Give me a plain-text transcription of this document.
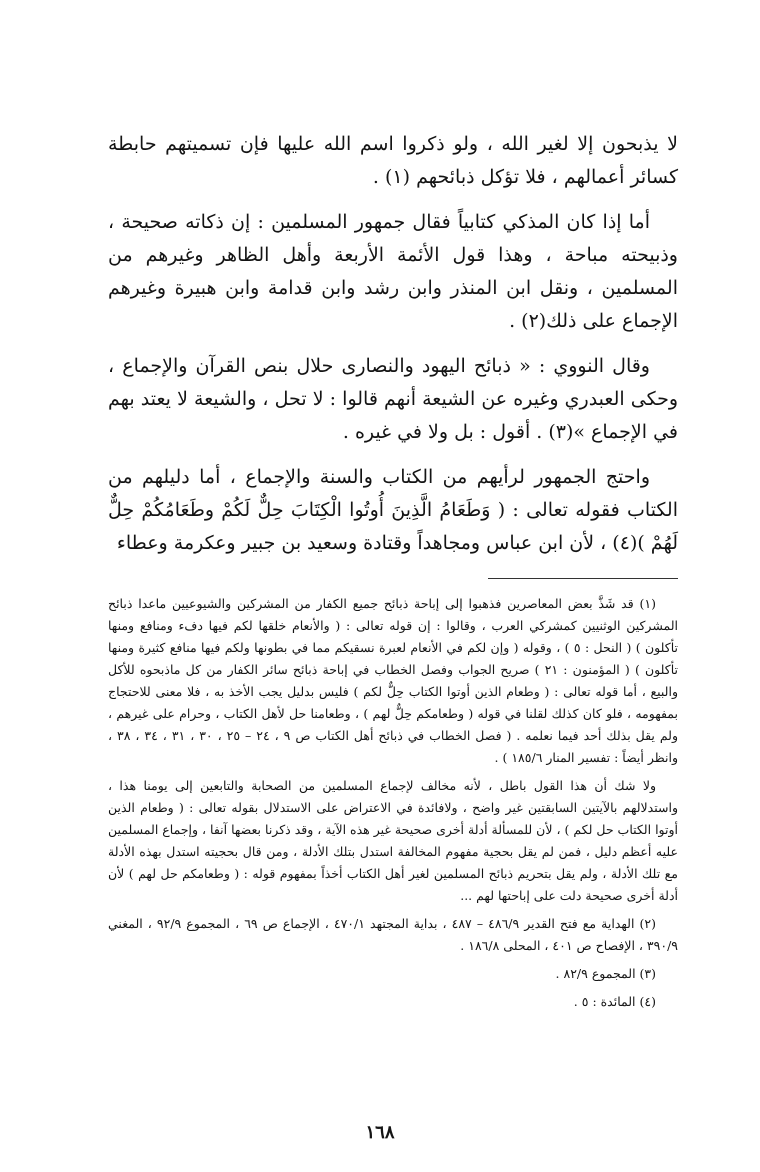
لا يذبحون إلا لغير الله ، ولو ذكروا اسم الله عليها فإن تسميتهم حابطة كسائر أعمالهم ، فلا تؤكل ذبائحهم (١) .

أما إذا كان المذكي كتابياً فقال جمهور المسلمين : إن ذكاته صحيحة ، وذبيحته مباحة ، وهذا قول الأئمة الأربعة وأهل الظاهر وغيرهم من المسلمين ، ونقل ابن المنذر وابن رشد وابن قدامة وابن هبيرة وغيرهم الإجماع على ذلك(٢) .

وقال النووي : « ذبائح اليهود والنصارى حلال بنص القرآن والإجماع ، وحكى العبدري وغيره عن الشيعة أنهم قالوا : لا تحل ، والشيعة لا يعتد بهم في الإجماع »(٣) . أقول : بل ولا في غيره .

واحتج الجمهور لرأيهم من الكتاب والسنة والإجماع ، أما دليلهم من الكتاب فقوله تعالى : ( وَطَعَامُ الَّذِينَ أُوتُوا الْكِتَابَ حِلٌّ لَكُمْ وطَعَامُكُمْ حِلٌّ لَهُمْ )(٤) ، لأن ابن عباس ومجاهداً وقتادة وسعيد بن جبير وعكرمة وعطاء

(١) قد شَذَّ بعض المعاصرين فذهبوا إلى إباحة ذبائح جميع الكفار من المشركين والشيوعيين ماعدا ذبائح المشركين الوثنيين كمشركي العرب ، وقالوا : إن قوله تعالى : ( والأنعام خلقها لكم فيها دفء ومنافع ومنها تأكلون ) ( النحل : ٥ ) ، وقوله ( وإن لكم في الأنعام لعبرة نسقيكم مما في بطونها ولكم فيها منافع كثيرة ومنها تأكلون ) ( المؤمنون : ٢١ ) صريح الجواب وفصل الخطاب في إباحة ذبائح سائر الكفار من كل ماذبحوه للأكل والبيع ، أما قوله تعالى : ( وطعام الذين أوتوا الكتاب حِلٌّ لكم ) فليس بدليل يجب الأخذ به ، فلا معنى للاحتجاج بمفهومه ، فلو كان كذلك لقلنا في قوله ( وطعامكم حِلٌّ لهم ) ، وطعامنا حل لأهل الكتاب ، وحرام على غيرهم ، ولم يقل بذلك أحد فيما نعلمه . ( فصل الخطاب في ذبائح أهل الكتاب ص ٩ ، ٢٤ – ٢٥ ، ٣٠ ، ٣١ ، ٣٤ ، ٣٨ ، وانظر أيضاً : تفسير المنار ١٨٥/٦ ) .

ولا شك أن هذا القول باطل ، لأنه مخالف لإجماع المسلمين من الصحابة والتابعين إلى يومنا هذا ، واستدلالهم بالآيتين السابقتين غير واضح ، ولافائدة في الاعتراض على الاستدلال بقوله تعالى : ( وطعام الذين أوتوا الكتاب حل لكم ) ، لأن للمسألة أدلة أخرى صحيحة غير هذه الآية ، وقد ذكرنا بعضها آنفا ، وإجماع المسلمين عليه أعظم دليل ، فمن لم يقل بحجية مفهوم المخالفة استدل بتلك الأدلة ، ومن قال بحجيته استدل بهذه الأدلة مع تلك الأدلة ، ولم يقل بتحريم ذبائح المسلمين لغير أهل الكتاب أخذاً بمفهوم قوله : ( وطعامكم حل لهم ) لأن أدلة أخرى صحيحة دلت على إباحتها لهم ...

(٢) الهداية مع فتح القدير ٤٨٦/٩ – ٤٨٧ ، بداية المجتهد ٤٧٠/١ ، الإجماع ص ٦٩ ، المجموع ٩٢/٩ ، المغني ٣٩٠/٩ ، الإفصاح ص ٤٠١ ، المحلى ١٨٦/٨ .

(٣) المجموع ٨٢/٩ .

(٤) المائدة : ٥ .

١٦٨
